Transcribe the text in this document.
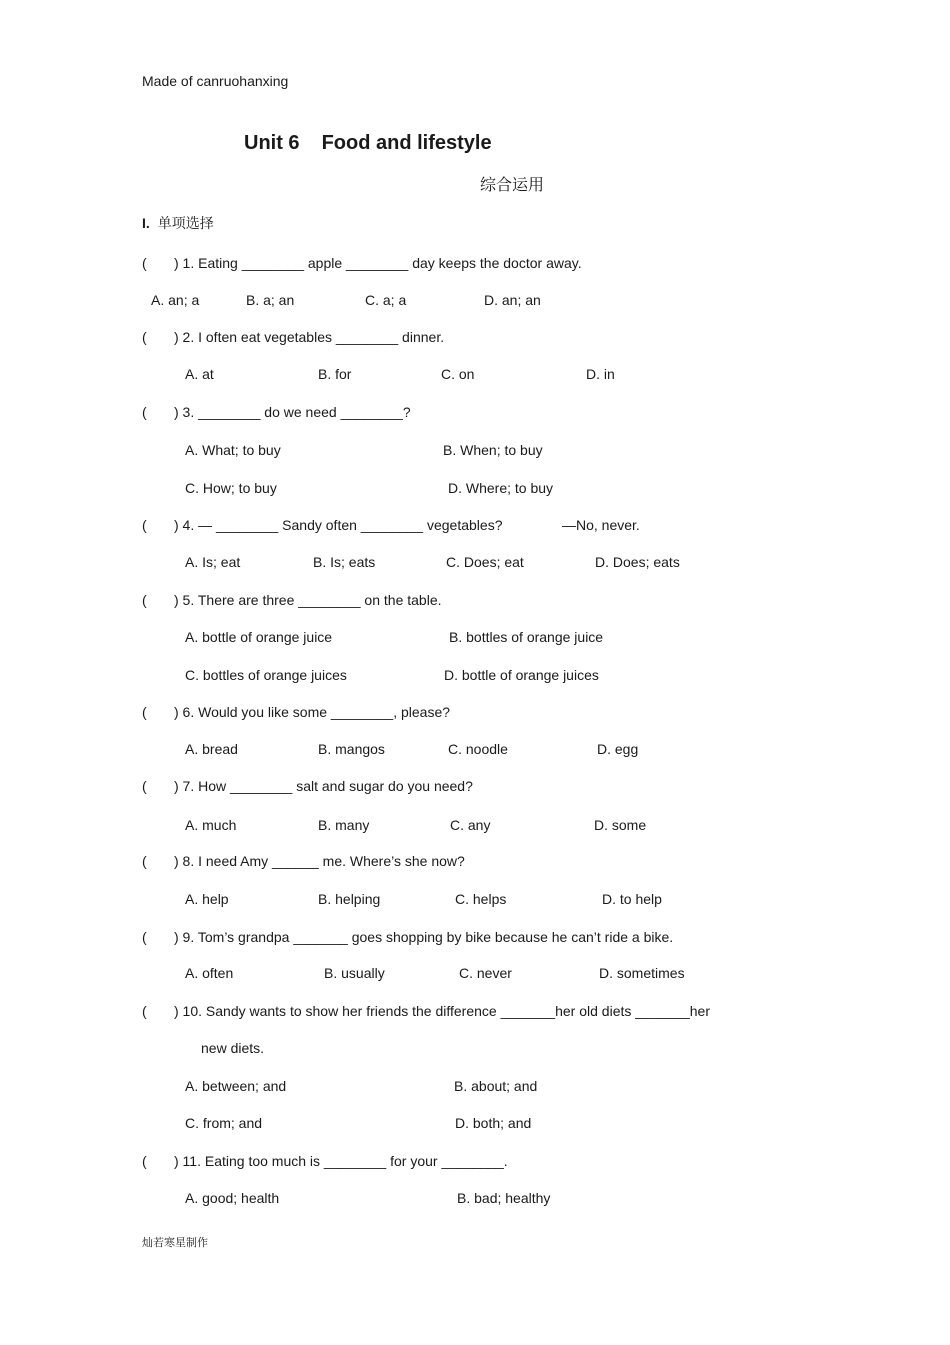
Made of canruohanxing
Unit 6 Food and lifestyle
综合运用
I. 单项选择
( ) 1. Eating ________ apple ________ day keeps the doctor away.
A. an; a	B. a; an	C. a; a	D. an; an
( ) 2. I often eat vegetables ________ dinner.
A. at	B. for	C. on	D. in
( ) 3. ________ do we need ________?
A. What; to buy	B. When; to buy
C. How; to buy	D. Where; to buy
( ) 4. — ________ Sandy often ________ vegetables?	—No, never.
A. Is; eat	B. Is; eats	C. Does; eat	D. Does; eats
( ) 5. There are three ________ on the table.
A. bottle of orange juice	B. bottles of orange juice
C. bottles of orange juices	D. bottle of orange juices
( ) 6. Would you like some ________, please?
A. bread	B. mangos	C. noodle	D. egg
( ) 7. How ________ salt and sugar do you need?
A. much	B. many	C. any	D. some
( ) 8. I need Amy ______ me. Where’s she now?
A. help	B. helping	C. helps	D. to help
( ) 9. Tom’s grandpa _______ goes shopping by bike because he can’t ride a bike.
A. often	B. usually	C. never	D. sometimes
( ) 10. Sandy wants to show her friends the difference _______her old diets _______her
new diets.
A. between; and	B. about; and
C. from; and	D. both; and
( ) 11. Eating too much is ________ for your ________.
A. good; health	B. bad; healthy
灿若寒星制作
